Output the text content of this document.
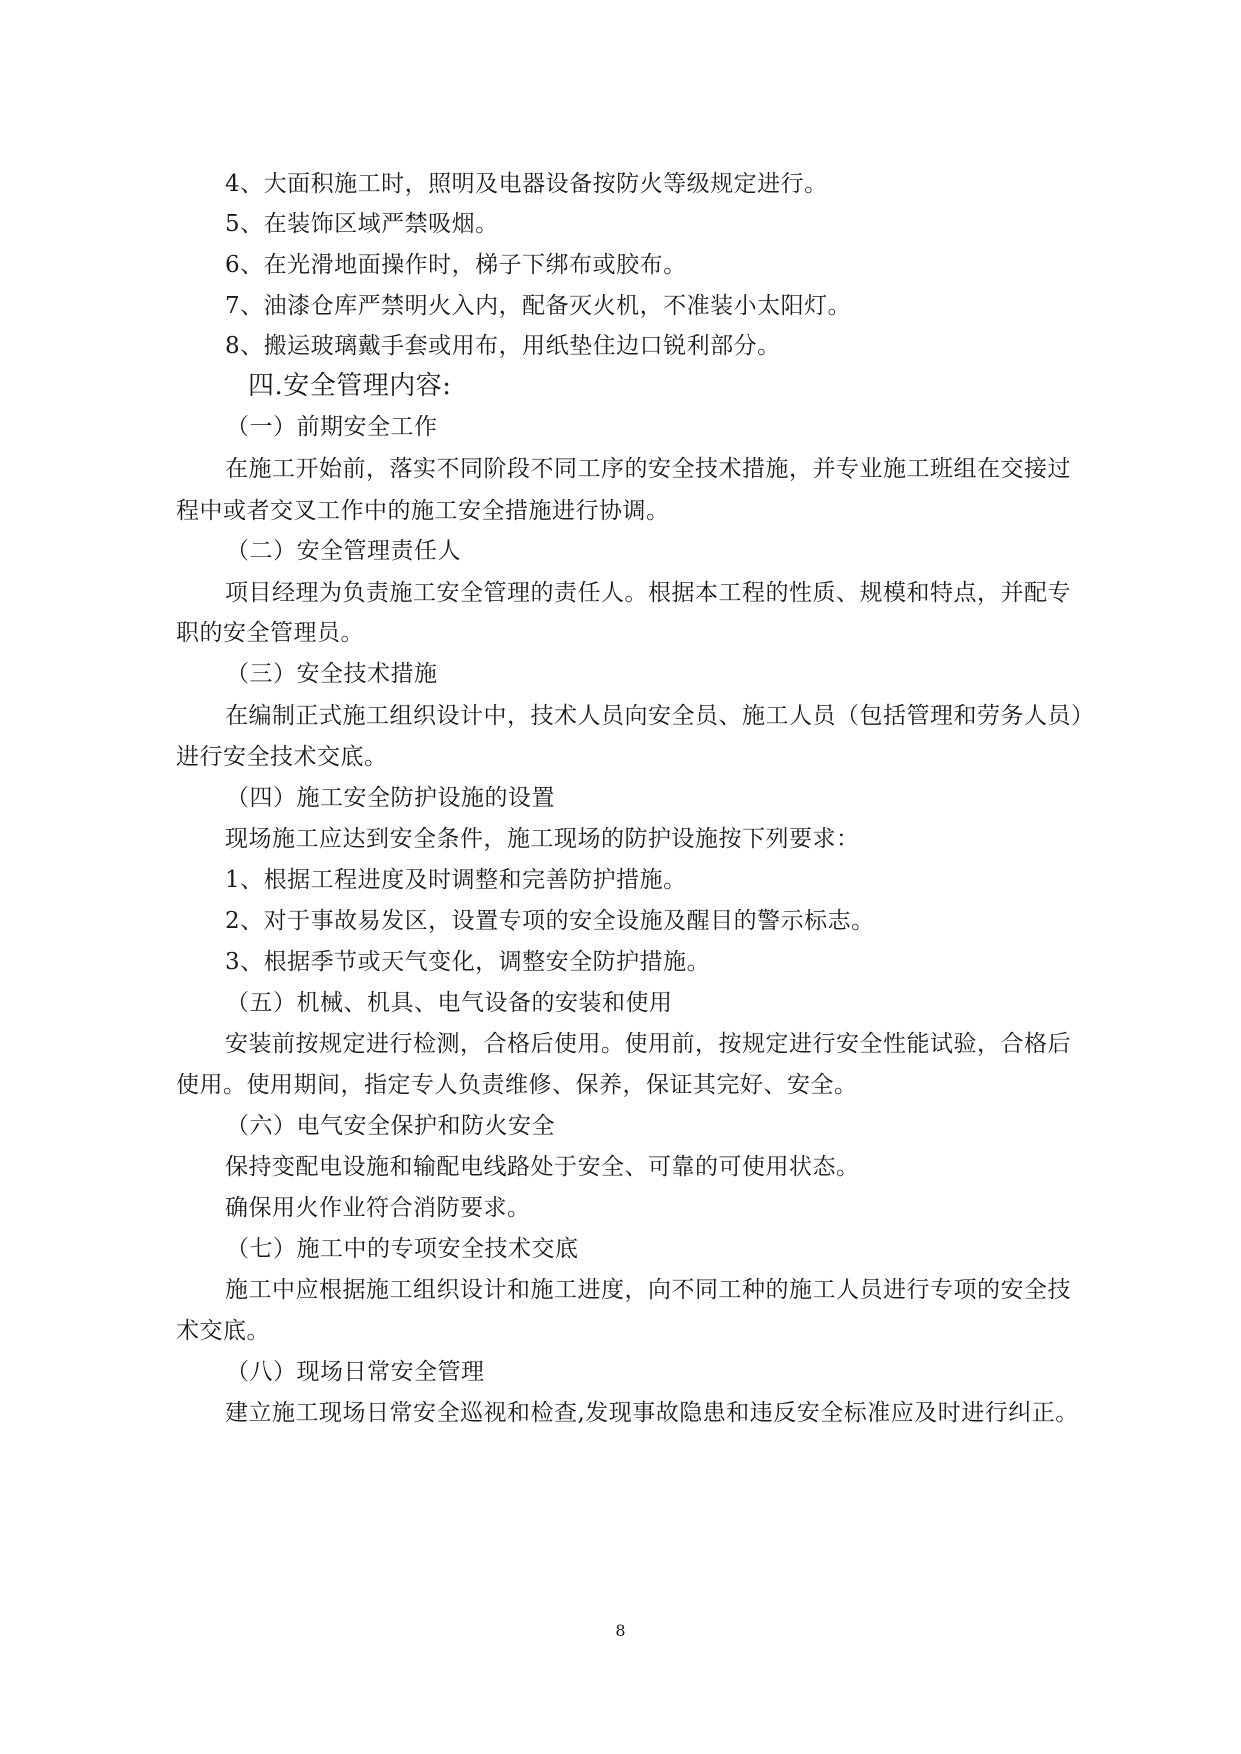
4、大面积施工时，照明及电器设备按防火等级规定进行。
5、在装饰区域严禁吸烟。
6、在光滑地面操作时，梯子下绑布或胶布。
7、油漆仓库严禁明火入内，配备灭火机，不准装小太阳灯。
8、搬运玻璃戴手套或用布，用纸垫住边口锐利部分。
四.安全管理内容:
（一）前期安全工作
在施工开始前，落实不同阶段不同工序的安全技术措施，并专业施工班组在交接过
程中或者交叉工作中的施工安全措施进行协调。
（二）安全管理责任人
项目经理为负责施工安全管理的责任人。根据本工程的性质、规模和特点，并配专
职的安全管理员。
（三）安全技术措施
在编制正式施工组织设计中，技术人员向安全员、施工人员（包括管理和劳务人员）
进行安全技术交底。
（四）施工安全防护设施的设置
现场施工应达到安全条件，施工现场的防护设施按下列要求：
1、根据工程进度及时调整和完善防护措施。
2、对于事故易发区，设置专项的安全设施及醒目的警示标志。
3、根据季节或天气变化，调整安全防护措施。
（五）机械、机具、电气设备的安装和使用
安装前按规定进行检测，合格后使用。使用前，按规定进行安全性能试验，合格后
使用。使用期间，指定专人负责维修、保养，保证其完好、安全。
（六）电气安全保护和防火安全
保持变配电设施和输配电线路处于安全、可靠的可使用状态。
确保用火作业符合消防要求。
（七）施工中的专项安全技术交底
施工中应根据施工组织设计和施工进度，向不同工种的施工人员进行专项的安全技
术交底。
（八）现场日常安全管理
建立施工现场日常安全巡视和检查,发现事故隐患和违反安全标准应及时进行纠正。
8
